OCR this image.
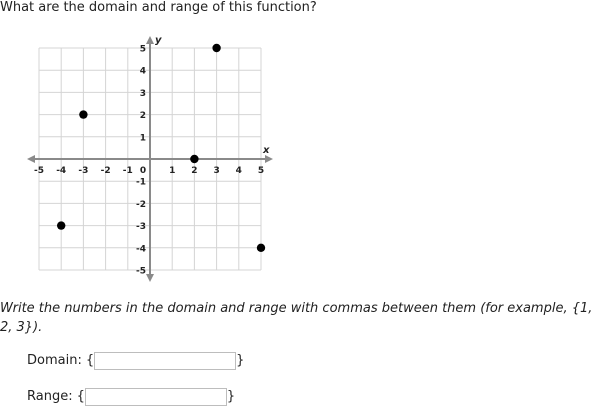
What are the domain and range of this function?
x
y
-5 -4 -3 -2 -1 0	1 2 3 4 5
5
4
3
2
1
-1
-2
-3
-4
-5
Write the numbers in the domain and range with commas between them (for example, {1, 2, 3}).
Domain: {	}
Range: {	}
